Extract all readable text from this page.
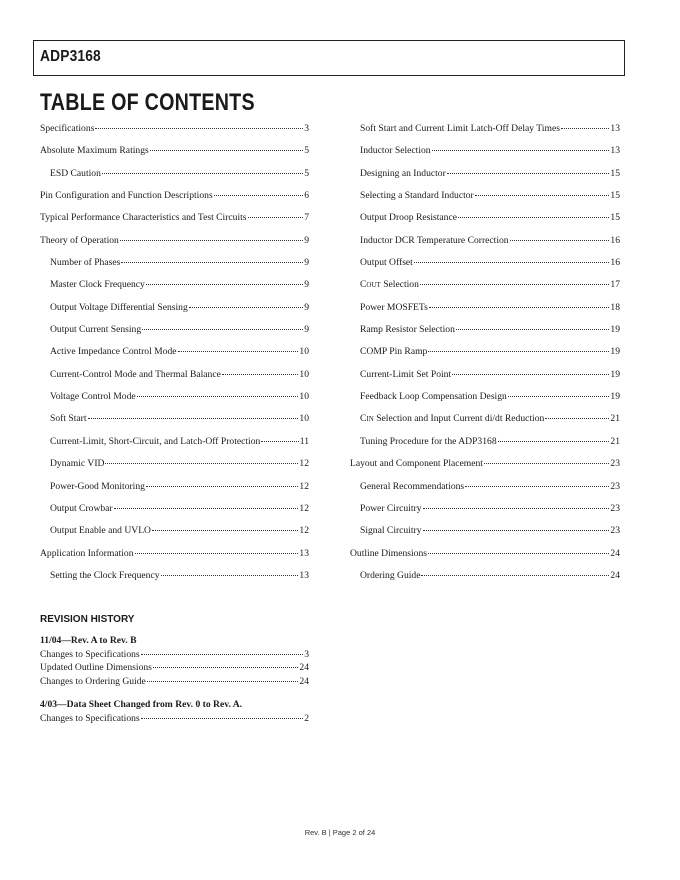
ADP3168
TABLE OF CONTENTS
Specifications	3
Absolute Maximum Ratings	5
ESD Caution	5
Pin Configuration and Function Descriptions	6
Typical Performance Characteristics and Test Circuits	7
Theory of Operation	9
Number of Phases	9
Master Clock Frequency	9
Output Voltage Differential Sensing	9
Output Current Sensing	9
Active Impedance Control Mode	10
Current-Control Mode and Thermal Balance	10
Voltage Control Mode	10
Soft Start	10
Current-Limit, Short-Circuit, and Latch-Off Protection	11
Dynamic VID	12
Power-Good Monitoring	12
Output Crowbar	12
Output Enable and UVLO	12
Application Information	13
Setting the Clock Frequency	13
Soft Start and Current Limit Latch-Off Delay Times	13
Inductor Selection	13
Designing an Inductor	15
Selecting a Standard Inductor	15
Output Droop Resistance	15
Inductor DCR Temperature Correction	16
Output Offset	16
COUT Selection	17
Power MOSFETs	18
Ramp Resistor Selection	19
COMP Pin Ramp	19
Current-Limit Set Point	19
Feedback Loop Compensation Design	19
CIN Selection and Input Current di/dt Reduction	21
Tuning Procedure for the ADP3168	21
Layout and Component Placement	23
General Recommendations	23
Power Circuitry	23
Signal Circuitry	23
Outline Dimensions	24
Ordering Guide	24
REVISION HISTORY
11/04—Rev. A to Rev. B
Changes to Specifications	3
Updated Outline Dimensions	24
Changes to Ordering Guide	24
4/03—Data Sheet Changed from Rev. 0 to Rev. A.
Changes to Specifications	2
Rev. B | Page 2 of 24
